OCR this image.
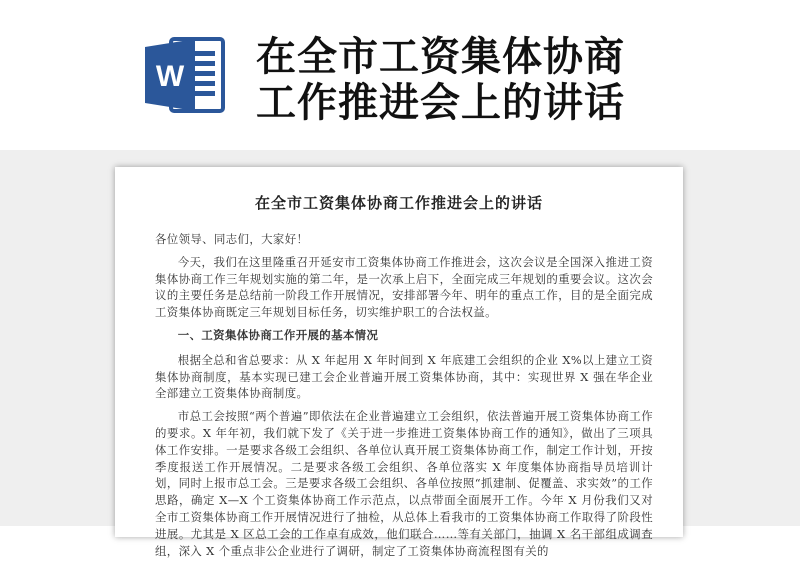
W 在全市工资集体协商
工作推进会上的讲话
在全市工资集体协商工作推进会上的讲话

各位领导、同志们，大家好！

今天，我们在这里隆重召开延安市工资集体协商工作推进会，这次会议是全国深入推进工资集体协商工作三年规划实施的第二年，是一次承上启下，全面完成三年规划的重要会议。这次会议的主要任务是总结前一阶段工作开展情况，安排部署今年、明年的重点工作，目的是全面完成工资集体协商既定三年规划目标任务，切实维护职工的合法权益。

一、工资集体协商工作开展的基本情况

根据全总和省总要求：从 X 年起用 X 年时间到 X 年底建工会组织的企业 X%以上建立工资集体协商制度，基本实现已建工会企业普遍开展工资集体协商，其中：实现世界 X 强在华企业全部建立工资集体协商制度。

市总工会按照“两个普遍”即依法在企业普遍建立工会组织，依法普遍开展工资集体协商工作的要求。X 年年初，我们就下发了《关于进一步推进工资集体协商工作的通知》，做出了三项具体工作安排。一是要求各级工会组织、各单位认真开展工资集体协商工作，制定工作计划，开按季度报送工作开展情况。二是要求各级工会组织、各单位落实 X 年度集体协商指导员培训计划，同时上报市总工会。三是要求各级工会组织、各单位按照“抓建制、促覆盖、求实效”的工作思路，确定 X—X 个工资集体协商工作示范点，以点带面全面展开工作。今年 X 月份我们又对全市工资集体协商工作开展情况进行了抽检，从总体上看我市的工资集体协商工作取得了阶段性进展。尤其是 X 区总工会的工作卓有成效，他们联合……等有关部门，抽调 X 名干部组成调查组，深入 X 个重点非公企业进行了调研，制定了工资集体协商流程图有关的
